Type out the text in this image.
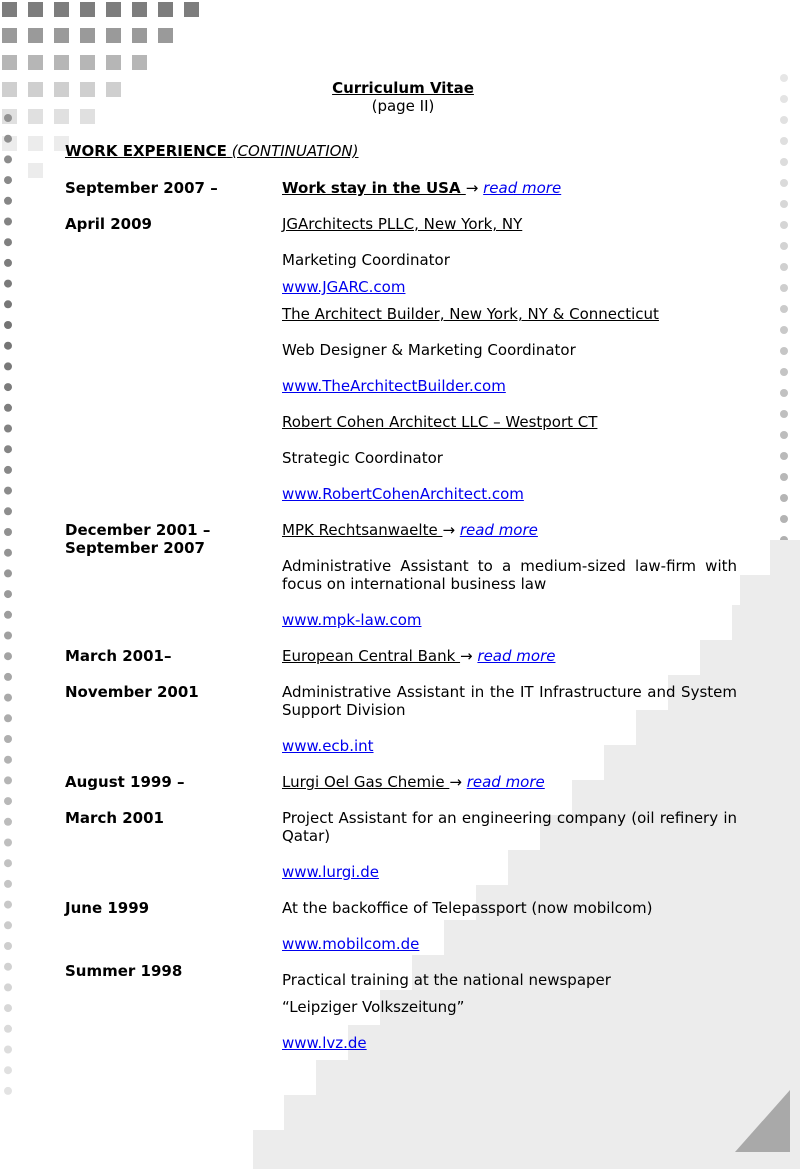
Curriculum Vitae
(page II)
WORK EXPERIENCE (CONTINUATION)
September 2007 –
April 2009
Work stay in the USA → read more
JGArchitects PLLC, New York, NY
Marketing Coordinator
www.JGARC.com
The Architect Builder, New York, NY & Connecticut
Web Designer & Marketing Coordinator
www.TheArchitectBuilder.com
Robert Cohen Architect LLC – Westport CT
Strategic Coordinator
www.RobertCohenArchitect.com
December 2001 –
September 2007
MPK Rechtsanwaelte → read more
Administrative Assistant to a medium-sized law-firm with focus on international business law
www.mpk-law.com
March 2001–
November 2001
European Central Bank → read more
Administrative Assistant in the IT Infrastructure and System Support Division
www.ecb.int
August 1999 –
March 2001
Lurgi Oel Gas Chemie → read more
Project Assistant for an engineering company (oil refinery in Qatar)
www.lurgi.de
June 1999	At the backoffice of Telepassport (now mobilcom)
www.mobilcom.de
Summer 1998	Practical training at the national newspaper
“Leipziger Volkszeitung”
www.lvz.de
